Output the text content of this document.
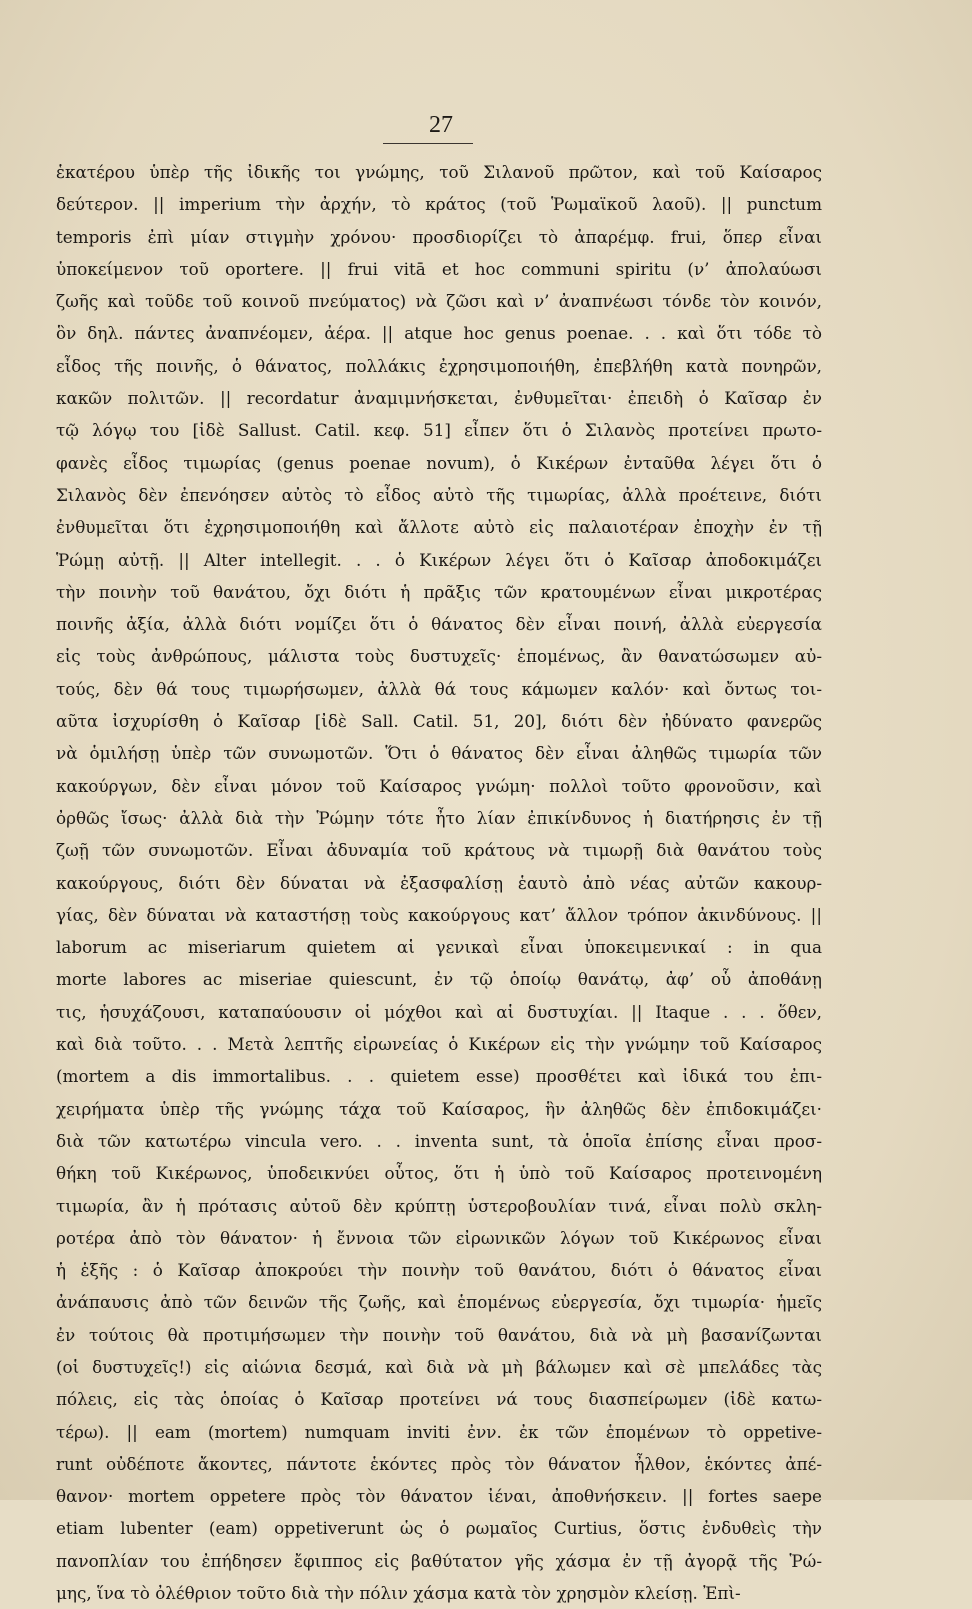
27
ἑκατέρου ὑπὲρ τῆς ἰδικῆς τοι γνώμης, τοῦ Σιλανοῦ πρῶτον, καὶ τοῦ Καίσαρος
δεύτερον. || imperium τὴν ἀρχήν, τὸ κράτος (τοῦ Ῥωμαϊκοῦ λαοῦ). || punctum
temporis ἐπὶ μίαν στιγμὴν χρόνου· προσδιορίζει τὸ ἀπαρέμφ. frui, ὅπερ εἶναι
ὑποκείμενον τοῦ oportere. || frui vitā et hoc communi spiritu (ν’ ἀπολαύωσι
ζωῆς καὶ τοῦδε τοῦ κοινοῦ πνεύματος) νὰ ζῶσι καὶ ν’ ἀναπνέωσι τόνδε τὸν κοινόν,
ὃν δηλ. πάντες ἀναπνέομεν, ἀέρα. || atque hoc genus poenae. . . καὶ ὅτι τόδε τὸ
εἶδος τῆς ποινῆς, ὁ θάνατος, πολλάκις ἐχρησιμοποιήθη, ἐπεβλήθη κατὰ πονηρῶν,
κακῶν πολιτῶν. || recordatur ἀναμιμνήσκεται, ἐνθυμεῖται· ἐπειδὴ ὁ Καῖσαρ ἐν
τῷ λόγῳ του [ἰδὲ Sallust. Catil. κεφ. 51] εἶπεν ὅτι ὁ Σιλανὸς προτείνει πρωτο-
φανὲς εἶδος τιμωρίας (genus poenae novum), ὁ Κικέρων ἐνταῦθα λέγει ὅτι ὁ
Σιλανὸς δὲν ἐπενόησεν αὐτὸς τὸ εἶδος αὐτὸ τῆς τιμωρίας, ἀλλὰ προέτεινε, διότι
ἐνθυμεῖται ὅτι ἐχρησιμοποιήθη καὶ ἄλλοτε αὐτὸ εἰς παλαιοτέραν ἐποχὴν ἐν τῇ
Ῥώμῃ αὐτῇ. || Alter intellegit. . . ὁ Κικέρων λέγει ὅτι ὁ Καῖσαρ ἀποδοκιμάζει
τὴν ποινὴν τοῦ θανάτου, ὄχι διότι ἡ πρᾶξις τῶν κρατουμένων εἶναι μικροτέρας
ποινῆς ἀξία, ἀλλὰ διότι νομίζει ὅτι ὁ θάνατος δὲν εἶναι ποινή, ἀλλὰ εὐεργεσία
εἰς τοὺς ἀνθρώπους, μάλιστα τοὺς δυστυχεῖς· ἑπομένως, ἂν θανατώσωμεν αὐ-
τούς, δὲν θά τους τιμωρήσωμεν, ἀλλὰ θά τους κάμωμεν καλόν· καὶ ὄντως τοι-
αῦτα ἰσχυρίσθη ὁ Καῖσαρ [ἰδὲ Sall. Catil. 51, 20], διότι δὲν ἠδύνατο φανερῶς
νὰ ὁμιλήσῃ ὑπὲρ τῶν συνωμοτῶν. Ὅτι ὁ θάνατος δὲν εἶναι ἀληθῶς τιμωρία τῶν
κακούργων, δὲν εἶναι μόνον τοῦ Καίσαρος γνώμη· πολλοὶ τοῦτο φρονοῦσιν, καὶ
ὀρθῶς ἴσως· ἀλλὰ διὰ τὴν Ῥώμην τότε ἦτο λίαν ἐπικίνδυνος ἡ διατήρησις ἐν τῇ
ζωῇ τῶν συνωμοτῶν. Εἶναι ἀδυναμία τοῦ κράτους νὰ τιμωρῇ διὰ θανάτου τοὺς
κακούργους, διότι δὲν δύναται νὰ ἐξασφαλίσῃ ἑαυτὸ ἀπὸ νέας αὐτῶν κακουρ-
γίας, δὲν δύναται νὰ καταστήσῃ τοὺς κακούργους κατ’ ἄλλον τρόπον ἀκινδύνους. ||
laborum ac miseriarum quietem αἱ γενικαὶ εἶναι ὑποκειμενικαί : in qua
morte labores ac miseriae quiescunt, ἐν τῷ ὁποίῳ θανάτῳ, ἀφ’ οὗ ἀποθάνῃ
τις, ἡσυχάζουσι, καταπαύουσιν οἱ μόχθοι καὶ αἱ δυστυχίαι. || Itaque . . . ὅθεν,
καὶ διὰ τοῦτο. . . Μετὰ λεπτῆς εἰρωνείας ὁ Κικέρων εἰς τὴν γνώμην τοῦ Καίσαρος
(mortem a dis immortalibus. . . quietem esse) προσθέτει καὶ ἰδικά του ἐπι-
χειρήματα ὑπὲρ τῆς γνώμης τάχα τοῦ Καίσαρος, ἣν ἀληθῶς δὲν ἐπιδοκιμάζει·
διὰ τῶν κατωτέρω vincula vero. . . inventa sunt, τὰ ὁποῖα ἐπίσης εἶναι προσ-
θήκη τοῦ Κικέρωνος, ὑποδεικνύει οὗτος, ὅτι ἡ ὑπὸ τοῦ Καίσαρος προτεινομένη
τιμωρία, ἂν ἡ πρότασις αὐτοῦ δὲν κρύπτῃ ὑστεροβουλίαν τινά, εἶναι πολὺ σκλη-
ροτέρα ἀπὸ τὸν θάνατον· ἡ ἔννοια τῶν εἰρωνικῶν λόγων τοῦ Κικέρωνος εἶναι
ἡ ἑξῆς : ὁ Καῖσαρ ἀποκρούει τὴν ποινὴν τοῦ θανάτου, διότι ὁ θάνατος εἶναι
ἀνάπαυσις ἀπὸ τῶν δεινῶν τῆς ζωῆς, καὶ ἑπομένως εὐεργεσία, ὄχι τιμωρία· ἡμεῖς
ἐν τούτοις θὰ προτιμήσωμεν τὴν ποινὴν τοῦ θανάτου, διὰ νὰ μὴ βασανίζωνται
(οἱ δυστυχεῖς!) εἰς αἰώνια δεσμά, καὶ διὰ νὰ μὴ βάλωμεν καὶ σὲ μπελάδες τὰς
πόλεις, εἰς τὰς ὁποίας ὁ Καῖσαρ προτείνει νά τους διασπείρωμεν (ἰδὲ κατω-
τέρω). || eam (mortem) numquam inviti ἐνν. ἐκ τῶν ἑπομένων τὸ oppetive-
runt οὐδέποτε ἄκοντες, πάντοτε ἑκόντες πρὸς τὸν θάνατον ἦλθον, ἑκόντες ἀπέ-
θανον· mortem oppetere πρὸς τὸν θάνατον ἰέναι, ἀποθνήσκειν. || fortes saepe
etiam lubenter (eam) oppetiverunt ὡς ὁ ρωμαῖος Curtius, ὅστις ἐνδυθεὶς τὴν
πανοπλίαν του ἐπήδησεν ἔφιππος εἰς βαθύτατον γῆς χάσμα ἐν τῇ ἀγορᾷ τῆς Ῥώ-
μης, ἵνα τὸ ὀλέθριον τοῦτο διὰ τὴν πόλιν χάσμα κατὰ τὸν χρησμὸν κλείσῃ. Ἐπὶ-
